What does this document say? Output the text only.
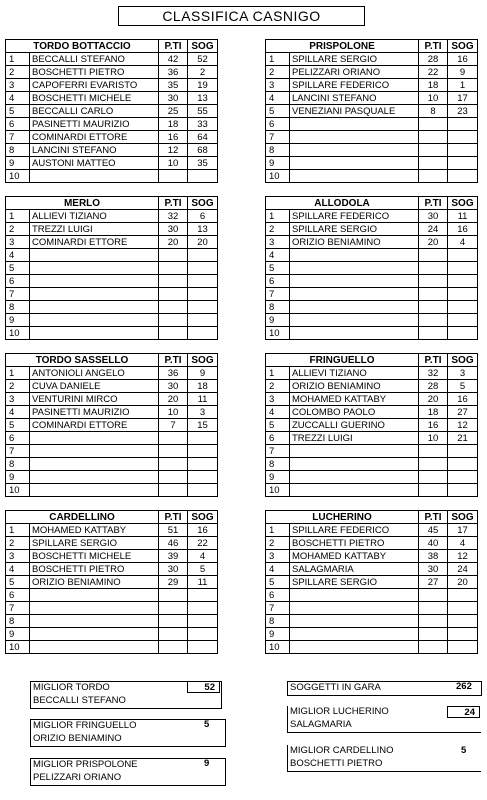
CLASSIFICA CASNIGO
TORDO BOTTACCIO		P.TI	SOG
1	BECCALLI STEFANO	42	52
2	BOSCHETTI PIETRO	36	2
3	CAPOFERRI EVARISTO	35	19
4	BOSCHETTI MICHELE	30	13
5	BECCALLI CARLO	25	55
6	PASINETTI MAURIZIO	18	33
7	COMINARDI ETTORE	16	64
8	LANCINI STEFANO	12	68
9	AUSTONI MATTEO	10	35
10			
PRISPOLONE		P.TI	SOG
1	SPILLARE SERGIO	28	16
2	PELIZZARI ORIANO	22	9
3	SPILLARE FEDERICO	18	1
4	LANCINI STEFANO	10	17
5	VENEZIANI PASQUALE	8	23
6			
7			
8			
9			
10			
MERLO		P.TI	SOG
1	ALLIEVI TIZIANO	32	6
2	TREZZI LUIGI	30	13
3	COMINARDI ETTORE	20	20
4			
5			
6			
7			
8			
9			
10			
ALLODOLA		P.TI	SOG
1	SPILLARE FEDERICO	30	11
2	SPILLARE SERGIO	24	16
3	ORIZIO BENIAMINO	20	4
4			
5			
6			
7			
8			
9			
10			
TORDO SASSELLO		P.TI	SOG
1	ANTONIOLI ANGELO	36	9
2	CUVA DANIELE	30	18
3	VENTURINI MIRCO	20	11
4	PASINETTI MAURIZIO	10	3
5	COMINARDI ETTORE	7	15
6			
7			
8			
9			
10			
FRINGUELLO		P.TI	SOG
1	ALLIEVI TIZIANO	32	3
2	ORIZIO BENIAMINO	28	5
3	MOHAMED KATTABY	20	16
4	COLOMBO PAOLO	18	27
5	ZUCCALLI GUERINO	16	12
6	TREZZI LUIGI	10	21
7			
8			
9			
10			
CARDELLINO		P.TI	SOG
1	MOHAMED KATTABY	51	16
2	SPILLARE SERGIO	46	22
3	BOSCHETTI MICHELE	39	4
4	BOSCHETTI PIETRO	30	5
5	ORIZIO BENIAMINO	29	11
6			
7			
8			
9			
10			
LUCHERINO		P.TI	SOG
1	SPILLARE FEDERICO	45	17
2	BOSCHETTI PIETRO	40	4
3	MOHAMED KATTABY	38	12
4	SALAGMARIA	30	24
5	SPILLARE SERGIO	27	20
6			
7			
8			
9			
10			
MIGLIOR TORDO
BECCALLI STEFANO
52
MIGLIOR FRINGUELLO
ORIZIO BENIAMINO
5
MIGLIOR PRISPOLONE
PELIZZARI ORIANO
9
SOGGETTI IN GARA	262
MIGLIOR LUCHERINO
SALAGMARIA
24
MIGLIOR CARDELLINO
BOSCHETTI PIETRO
5
